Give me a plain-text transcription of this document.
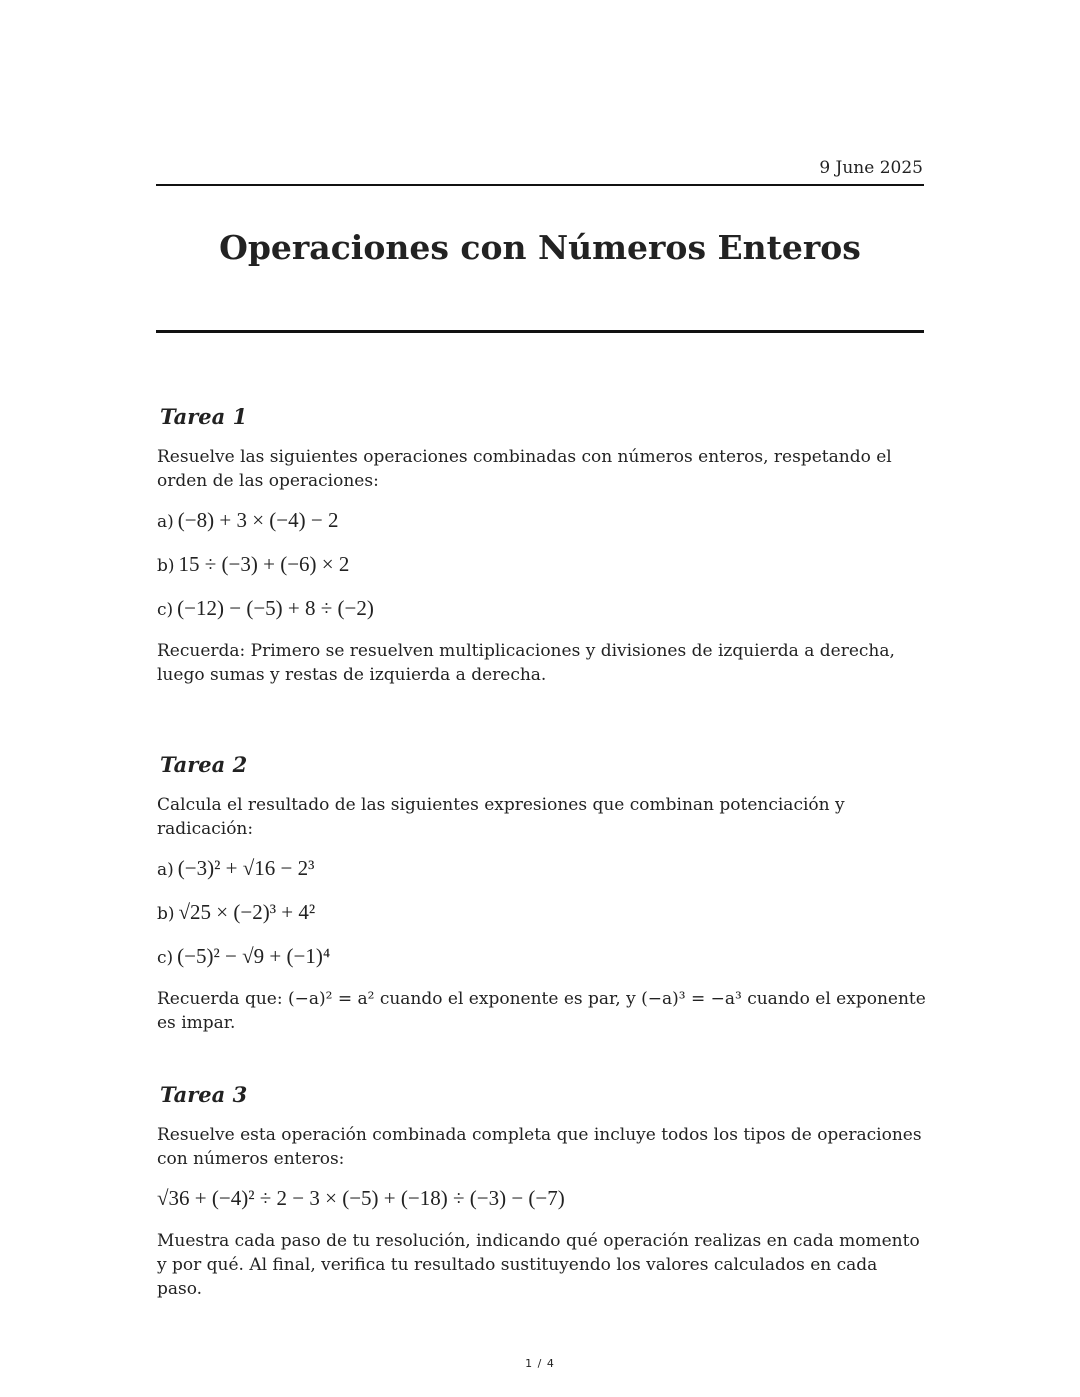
9 June 2025
Operaciones con Números Enteros
Tarea 1

Resuelve las siguientes operaciones combinadas con números enteros, respetando el orden de las operaciones:

a) (−8) + 3 × (−4) − 2
b) 15 ÷ (−3) + (−6) × 2
c) (−12) − (−5) + 8 ÷ (−2)

Recuerda: Primero se resuelven multiplicaciones y divisiones de izquierda a derecha, luego sumas y restas de izquierda a derecha.

Tarea 2

Calcula el resultado de las siguientes expresiones que combinan potenciación y radicación:

a) (−3)² + √16 − 2³
b) √25 × (−2)³ + 4²
c) (−5)² − √9 + (−1)⁴

Recuerda que: (−a)² = a² cuando el exponente es par, y (−a)³ = −a³ cuando el exponente es impar.

Tarea 3

Resuelve esta operación combinada completa que incluye todos los tipos de operaciones con números enteros:

√36 + (−4)² ÷ 2 − 3 × (−5) + (−18) ÷ (−3) − (−7)

Muestra cada paso de tu resolución, indicando qué operación realizas en cada momento y por qué. Al final, verifica tu resultado sustituyendo los valores calculados en cada paso.

1 / 4
